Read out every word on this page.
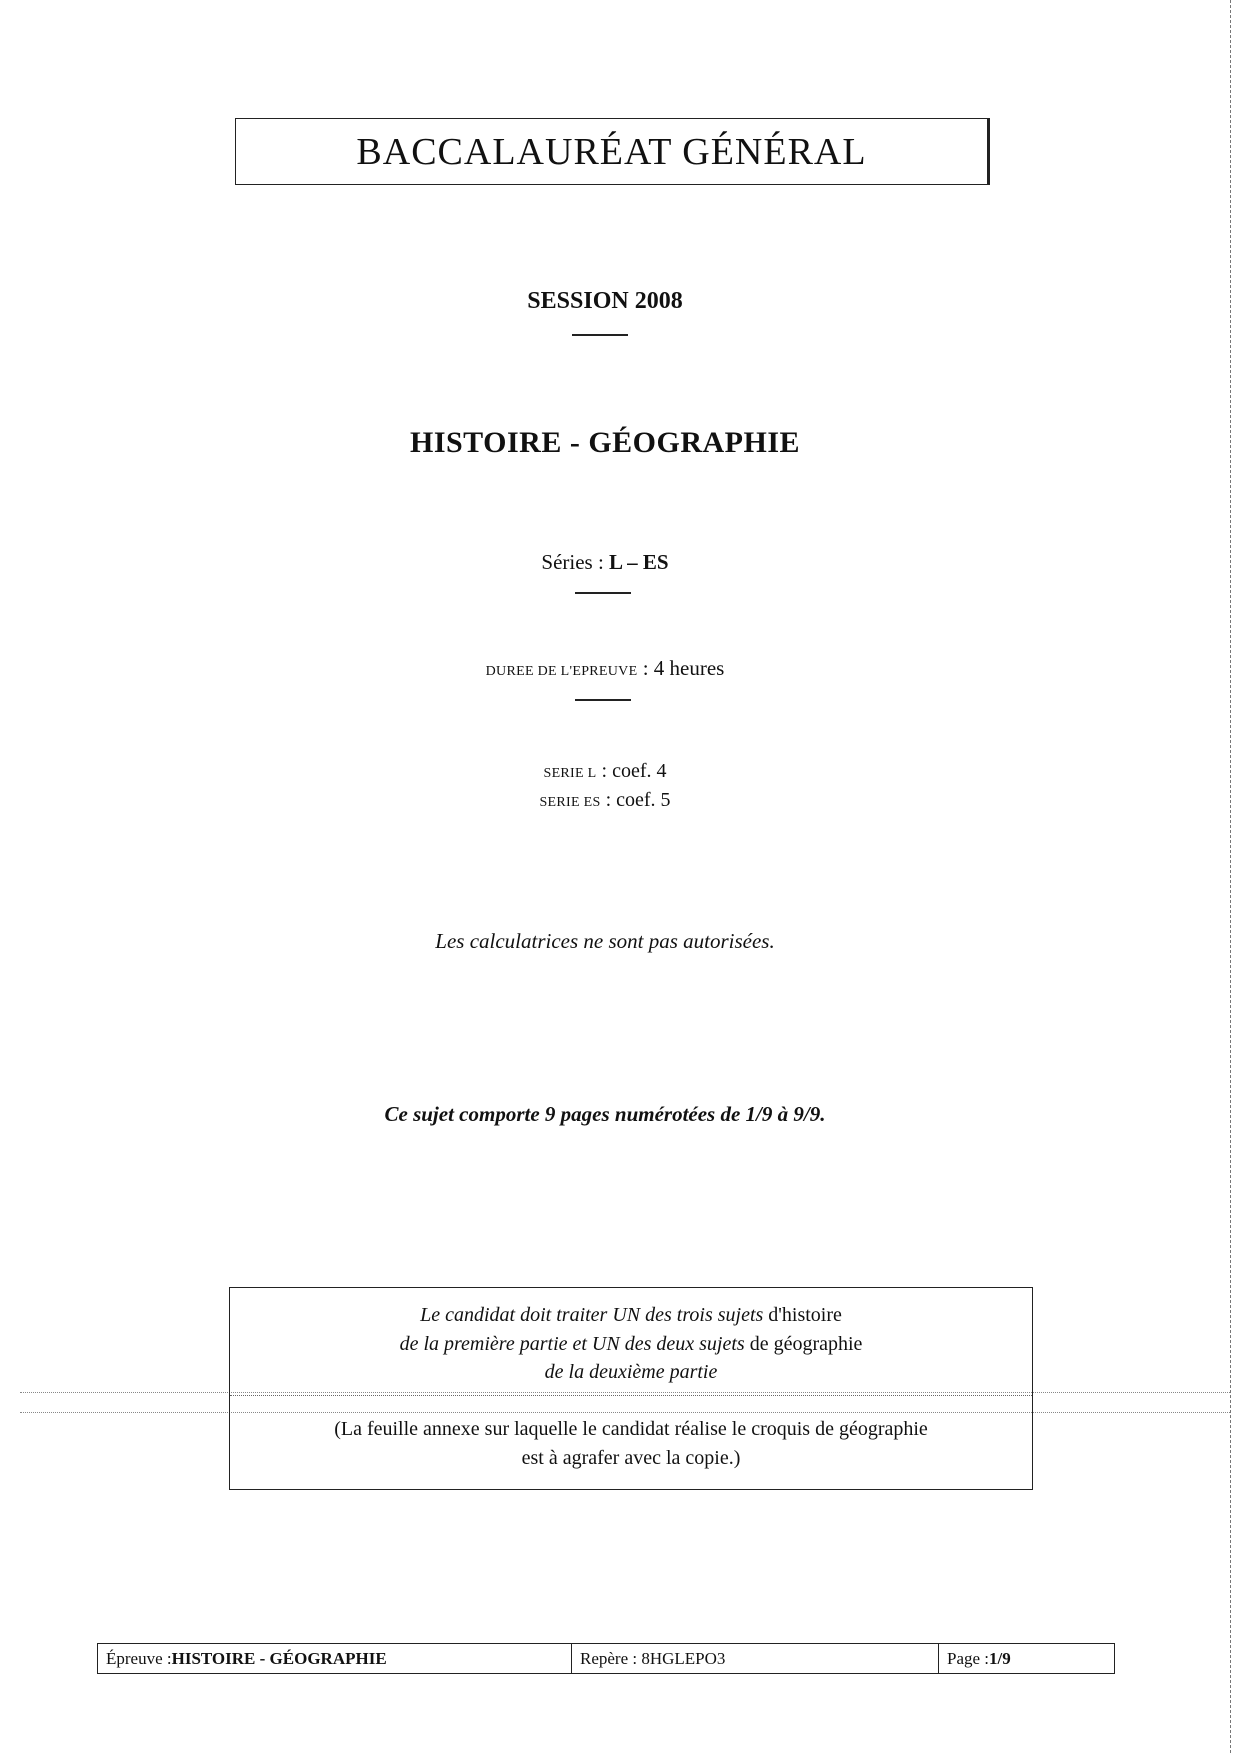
BACCALAURÉAT GÉNÉRAL
SESSION 2008
HISTOIRE - GÉOGRAPHIE
Séries : L – ES
DUREE DE L'EPREUVE : 4 heures
SERIE L : coef. 4
SERIE ES : coef. 5
Les calculatrices ne sont pas autorisées.
Ce sujet comporte 9 pages numérotées de 1/9 à 9/9.
Le candidat doit traiter UN des trois sujets d'histoire
de la première partie et UN des deux sujets de géographie
de la deuxième partie
(La feuille annexe sur laquelle le candidat réalise le croquis de géographie
est à agrafer avec la copie.)
Épreuve : HISTOIRE - GÉOGRAPHIE	Repère : 8HGLEPO3	Page : 1/9
